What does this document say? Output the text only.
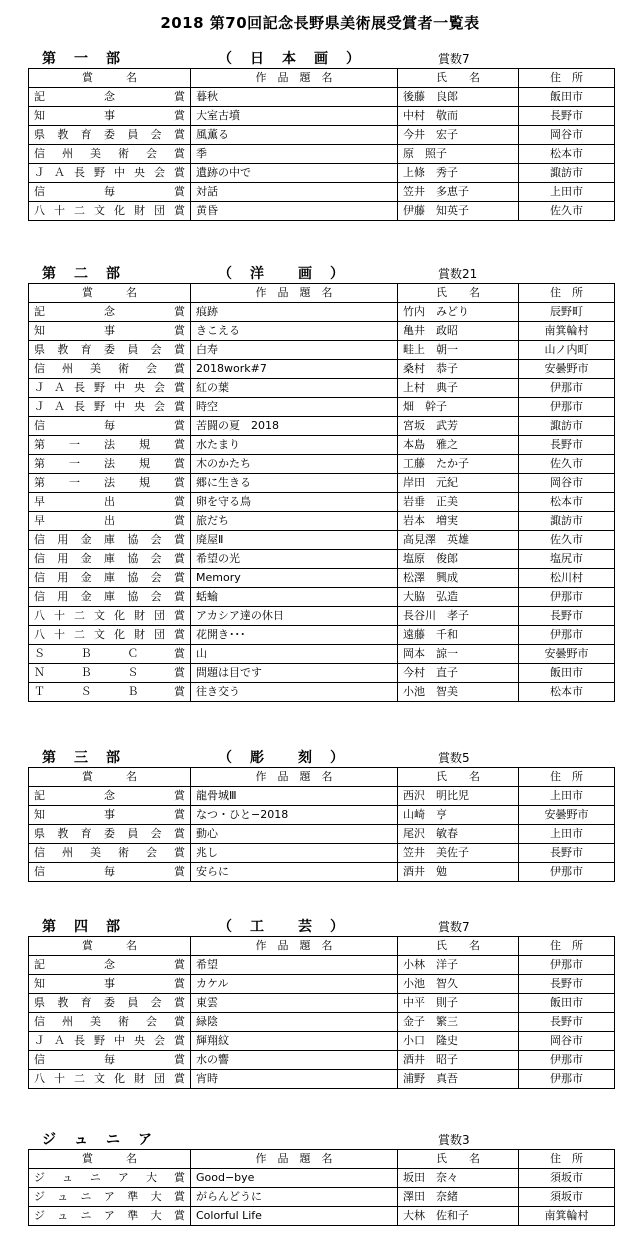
2018 第70回記念長野県美術展受賞者一覧表
第　一　部	（　日　本　画　）	賞数7
賞　　　名	作　品　題　名	氏　　名	住　所
記念賞	暮秋	後藤　良郎	飯田市
知事賞	大室古墳	中村　敬而	長野市
県教育委員会賞	風薫る	今井　宏子	岡谷市
信州美術会賞	季	原　照子	松本市
ＪＡ長野中央会賞	遺跡の中で	上條　秀子	諏訪市
信毎賞	対話	笠井　多恵子	上田市
八十二文化財団賞	黄昏	伊藤　知英子	佐久市
第　二　部	（　洋　　画　）	賞数21
賞　　　名	作　品　題　名	氏　　名	住　所
記念賞	痕跡	竹内　みどり	辰野町
知事賞	きこえる	亀井　政昭	南箕輪村
県教育委員会賞	白寿	畦上　朝一	山ノ内町
信州美術会賞	2018work#7	桑村　恭子	安曇野市
ＪＡ長野中央会賞	紅の葉	上村　典子	伊那市
ＪＡ長野中央会賞	時空	畑　幹子	伊那市
信毎賞	苦闘の夏　2018	宮坂　武芳	諏訪市
第一法規賞	水たまり	本島　雅之	長野市
第一法規賞	木のかたち	工藤　たか子	佐久市
第一法規賞	郷に生きる	岸田　元紀	岡谷市
早出賞	卵を守る鳥	岩垂　正美	松本市
早出賞	旅だち	岩本　増実	諏訪市
信用金庫協会賞	廃屋Ⅱ	高見澤　英雄	佐久市
信用金庫協会賞	希望の光	塩原　俊郎	塩尻市
信用金庫協会賞	Memory	松澤　興成	松川村
信用金庫協会賞	蛞蝓	大脇　弘造	伊那市
八十二文化財団賞	アカシア達の休日	長谷川　孝子	長野市
八十二文化財団賞	花開き･･･	遠藤　千和	伊那市
ＳＢＣ賞	山	岡本　諒一	安曇野市
ＮＢＳ賞	問題は目です	今村　直子	飯田市
ＴＳＢ賞	往き交う	小池　智美	松本市
第　三　部	（　彫　　刻　）	賞数5
賞　　　名	作　品　題　名	氏　　名	住　所
記念賞	龍骨城Ⅲ	西沢　明比児	上田市
知事賞	なつ・ひと−2018	山崎　亨	安曇野市
県教育委員会賞	動心	尾沢　敏春	上田市
信州美術会賞	兆し	笠井　美佐子	長野市
信毎賞	安らに	酒井　勉	伊那市
第　四　部	（　工　　芸　）	賞数7
賞　　　名	作　品　題　名	氏　　名	住　所
記念賞	希望	小林　洋子	伊那市
知事賞	カケル	小池　智久	長野市
県教育委員会賞	東雲	中平　則子	飯田市
信州美術会賞	緑陰	金子　繁三	長野市
ＪＡ長野中央会賞	輝翔紋	小口　隆史	岡谷市
信毎賞	水の響	酒井　昭子	伊那市
八十二文化財団賞	宵時	浦野　真吾	伊那市
ジ　ュ　ニ　ア	賞数3
賞　　　名	作　品　題　名	氏　　名	住　所
ジュニア大賞	Good−bye	坂田　奈々	須坂市
ジュニア準大賞	がらんどうに	澤田　奈緒	須坂市
ジュニア準大賞	Colorful Life	大林　佐和子	南箕輪村
